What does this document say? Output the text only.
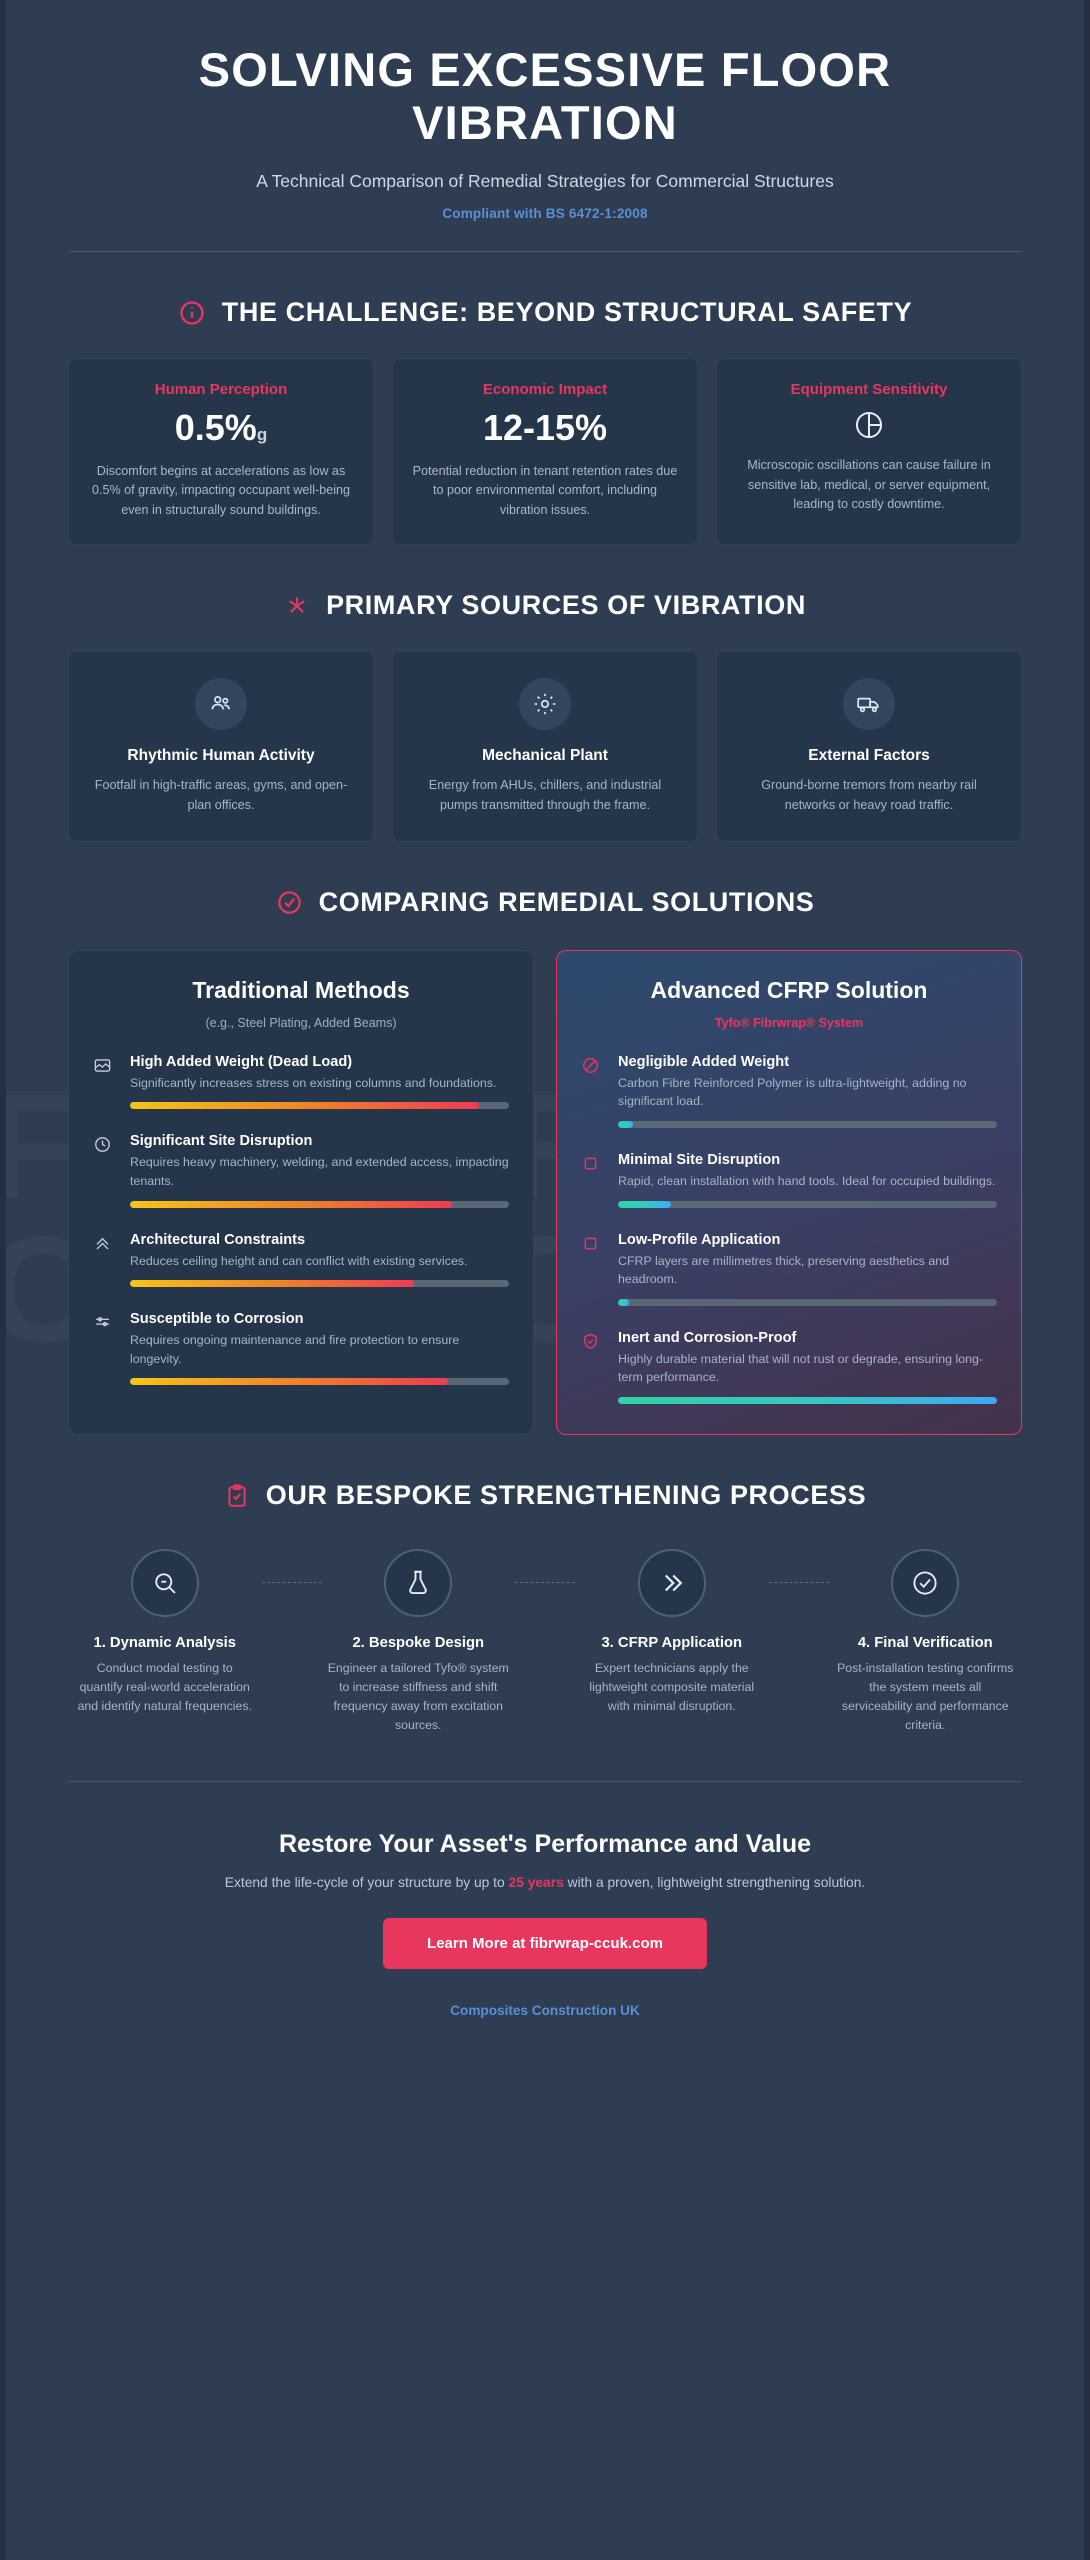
SOLVING EXCESSIVE FLOOR VIBRATION
A Technical Comparison of Remedial Strategies for Commercial Structures
Compliant with BS 6472-1:2008
THE CHALLENGE: BEYOND STRUCTURAL SAFETY
Human Perception
0.5%g
Discomfort begins at accelerations as low as 0.5% of gravity, impacting occupant well-being even in structurally sound buildings.
Economic Impact
12-15%
Potential reduction in tenant retention rates due to poor environmental comfort, including vibration issues.
Equipment Sensitivity
Microscopic oscillations can cause failure in sensitive lab, medical, or server equipment, leading to costly downtime.
PRIMARY SOURCES OF VIBRATION
Rhythmic Human Activity
Footfall in high-traffic areas, gyms, and open-plan offices.
Mechanical Plant
Energy from AHUs, chillers, and industrial pumps transmitted through the frame.
External Factors
Ground-borne tremors from nearby rail networks or heavy road traffic.
COMPARING REMEDIAL SOLUTIONS
Traditional Methods
(e.g., Steel Plating, Added Beams)
High Added Weight (Dead Load)
Significantly increases stress on existing columns and foundations.
Significant Site Disruption
Requires heavy machinery, welding, and extended access, impacting tenants.
Architectural Constraints
Reduces ceiling height and can conflict with existing services.
Susceptible to Corrosion
Requires ongoing maintenance and fire protection to ensure longevity.
Advanced CFRP Solution
Tyfo® Fibrwrap® System
Negligible Added Weight
Carbon Fibre Reinforced Polymer is ultra-lightweight, adding no significant load.
Minimal Site Disruption
Rapid, clean installation with hand tools. Ideal for occupied buildings.
Low-Profile Application
CFRP layers are millimetres thick, preserving aesthetics and headroom.
Inert and Corrosion-Proof
Highly durable material that will not rust or degrade, ensuring long-term performance.
OUR BESPOKE STRENGTHENING PROCESS
1. Dynamic Analysis
Conduct modal testing to quantify real-world acceleration and identify natural frequencies.
2. Bespoke Design
Engineer a tailored Tyfo® system to increase stiffness and shift frequency away from excitation sources.
3. CFRP Application
Expert technicians apply the lightweight composite material with minimal disruption.
4. Final Verification
Post-installation testing confirms the system meets all serviceability and performance criteria.
Restore Your Asset's Performance and Value

Extend the life-cycle of your structure by up to 25 years with a proven, lightweight strengthening solution.

Learn More at fibrwrap-ccuk.com
Composites Construction UK
